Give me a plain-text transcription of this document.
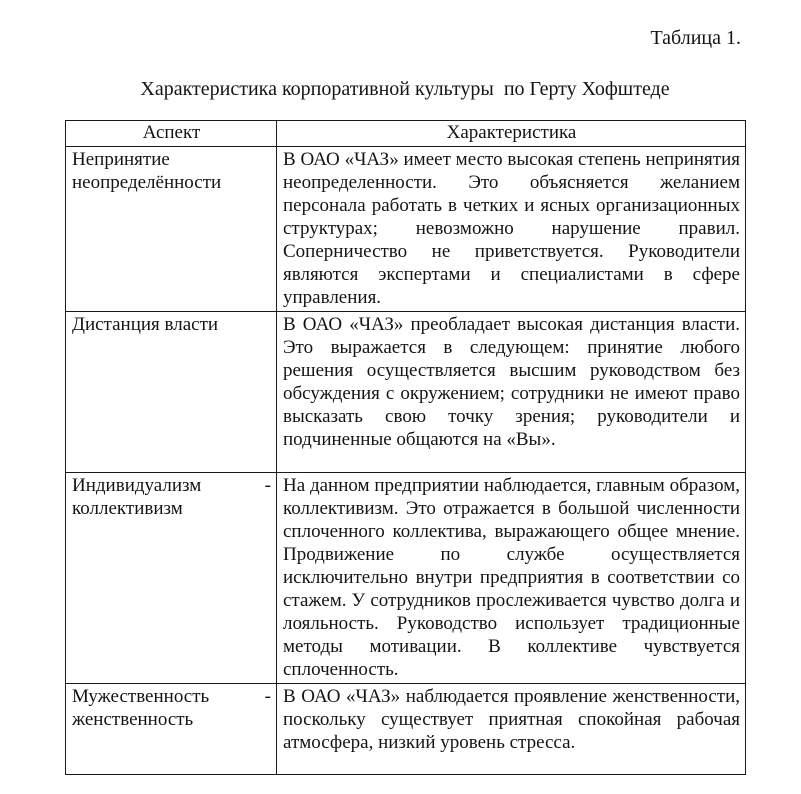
Таблица 1.
Характеристика корпоративной культуры  по Герту Хофштеде
Аспект	Характеристика
Непринятие неопределённости	В ОАО «ЧАЗ» имеет место высокая степень непринятия неопределенности. Это объясняется желанием персонала работать в четких и ясных организационных структурах; невозможно нарушение правил. Соперничество не приветствуется. Руководители являются экспертами и специалистами в сфере управления.
Дистанция власти	В ОАО «ЧАЗ» преобладает высокая дистанция власти. Это выражается в следующем: принятие любого решения осуществляется высшим руководством без обсуждения с окружением; сотрудники не имеют право высказать свою точку зрения; руководители и подчиненные общаются на «Вы».
Индивидуализм - коллективизм	На данном предприятии наблюдается, главным образом, коллективизм. Это отражается в большой численности сплоченного коллектива, выражающего общее мнение. Продвижение по службе осуществляется исключительно внутри предприятия в соответствии со стажем. У сотрудников прослеживается чувство долга и лояльность. Руководство использует традиционные методы мотивации. В коллективе чувствуется сплоченность.
Мужественность - женственность	В ОАО «ЧАЗ» наблюдается проявление женственности, поскольку существует приятная спокойная рабочая атмосфера, низкий уровень стресса.
